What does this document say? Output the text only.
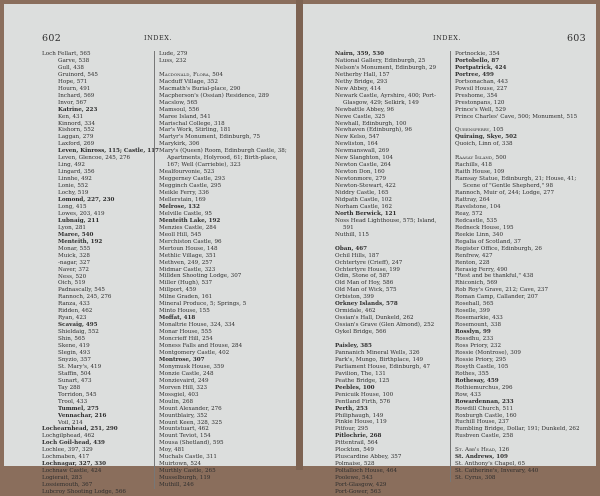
602	INDEX.
Loch Fellart, 565
Garve, 538
Gull, 438
Gruinord, 545
Hope, 571
Hourn, 491
Inchard, 569
Invor, 567
Katrine, 223
Ken, 431
Kinnord, 334
Kishorn, 552
Laggan, 279
Laxford, 269
Leven, Kinross, 115; Castle, 117
Leven, Glencoe, 245, 276
Ling, 492
Lingard, 356
Linnhe, 492
Lonie, 552
Lochy, 519
Lomond, 227, 230
Long, 415
Lowes, 203, 419
Lubnaig, 211
Lyon, 281
Maree, 540
Menteith, 192
Monar, 555
Muick, 328
-nagar, 327
Naver, 372
Ness, 520
Oich, 519
Padnascally, 545
Rannoch, 245, 276
Ranza, 433
Ridden, 462
Ryan, 423
Scavaig, 495
Shieldaig, 552
Shin, 565
Skene, 419
Slegin, 493
Snyzio, 357
St. Mary's, 419
Staffin, 504
Sunart, 473
Tay 288
Torridon, 545
Trool, 433
Tummel, 275
Vennachar, 216
Voil, 214
Lochearnhead, 251, 290
Lochgilphead, 462
Loch Goil-head, 439
Lochlee, 397, 329
Lochmaben, 417
Lochnagar, 327, 330
Lochnaw Castle, 424
Logierait, 283
Lossiemouth, 367
Lubcroy Shooting Lodge, 566
Lude, 279
Luss, 232
Macdonald, Flora, 504
Macduff Village, 352
Macmath's Burial-place, 290
Macpherson's (Ossian) Residence, 289
Macslow, 565
Mamsoul, 556
Maree Island, 541
Marischal College, 318
Mar's Work, Stirling, 181
Martyr's Monument, Edinburgh, 75
Marykirk, 306
Mary's (Queen) Room, Edinburgh Castle, 38; Apartments, Holyrood, 61; Birth-place, 167; Well (Carriebie), 323
Mealfourvonie, 523
Meggerney Castle, 293
Megginch Castle, 295
Meikle Ferry, 336
Mellerstain, 169
Melrose, 132
Melville Castle, 95
Menteith Lake, 192
Menzies Castle, 284
Meoll Hill, 545
Merchiston Castle, 96
Mertoun House, 148
Methlic Village, 351
Methven, 249, 257
Midmar Castle, 323
Millden Shooting Lodge, 307
Miller (Hugh), 537
Millport, 459
Milne Graden, 161
Mineral Produce, 5; Springs, 5
Minto House, 155
Moffat, 418
Monaltrie House, 324, 334
Monar House, 555
Moncrieff Hill, 254
Moness Falls and House, 284
Montgomery Castle, 402
Montrose, 307
Monymusk House, 359
Monzie Castle, 248
Monzievaird, 249
Morven Hill, 323
Mossgiel, 403
Moulin, 268
Mount Alexander, 276
Mountblairy, 352
Mount Keen, 328, 325
Mountstuart, 462
Mount Teviot, 154
Mousa (Shetland), 595
Moy, 481
Muchals Castle, 311
Muirtown, 524
Murthly Castle, 265
Musselburgh, 119
Muthill, 246
INDEX.	603
Nairn, 359, 530
National Gallery, Edinburgh, 25
Nelson's Monument, Edinburgh, 29
Netherby Hall, 157
Nethy Bridge, 293
New Abbey, 414
Newark Castle, Ayrshire, 400; Port-Glasgow, 429; Selkirk, 149
Newbattle Abbey, 96
Newe Castle, 325
Newhall, Edinburgh, 100
Newhaven (Edinburgh), 96
New Kelso, 547
Newliston, 164
Newmanswall, 269
New Slanghton, 104
Newton Castle, 264
Newton Don, 160
Newtonmore, 279
Newton-Stewart, 422
Niddry Castle, 165
Nidpath Castle, 102
Norham Castle, 162
North Berwick, 121
Noss Head Lighthouse, 575; Island, 591
Nuthill, 115
Oban, 467
Ochil Hills, 187
Ochtertyre (Crieff), 247
Ochtertyre House, 199
Odin, Stone of, 587
Old Man of Hoy, 586
Old Man of Wick, 575
Orbiston, 399
Orkney Islands, 578
Ormidale, 462
Ossian's Hall, Dunkeld, 262
Ossian's Grave (Glen Almond), 252
Oykel Bridge, 566
Paisley, 385
Pannanich Mineral Wells, 326
Park's, Mungo, Birthplace, 149
Parliament House, Edinburgh, 47
Pavilion, The, 131
Peathe Bridge, 125
Peebles, 100
Penicuik House, 100
Pentland Firth, 576
Perth, 253
Philiphaugh, 149
Pinkie House, 119
Pitfour, 295
Pitlochrie, 268
Pittentrail, 564
Plockton, 549
Pluscardine Abbey, 357
Polmaise, 528
Poltalloch House, 464
Poolewe, 543
Port-Glasgow, 429
Port-Gower, 563
Portnockie, 354
Portobello, 87
Portpatrick, 424
Portree, 499
Portsonachan, 443
Powsil House, 227
Preshome, 354
Prestonpans, 120
Prince's Well, 529
Prince Charles' Cave, 500; Monument, 515
Queensferry, 105
Quiraing, Skye, 502
Quoich, Linn of, 338
Raasay Island, 500
Rachills, 418
Raith House, 109
Ramsay Statue, Edinburgh, 21; House, 41; Scene of "Gentle Shepherd," 98
Rannoch, Muir of, 244; Lodge, 277
Rattray, 264
Ravelstone, 104
Reay, 572
Redcastle, 535
Redneck House, 195
Reekie Linn, 340
Regalia of Scotland, 37
Register Office, Edinburgh, 26
Renfrew, 427
Renton, 228
Rerasig Ferry, 490
"Rest and be thankful," 438
Rhiconich, 569
Rob Roy's Grave, 212; Cave, 237
Roman Camp, Callander, 207
Rosehall, 565
Roselle, 399
Rosemarkie, 433
Rosemount, 338
Rosslyn, 99
Rossdhu, 233
Ross Priory, 232
Rossie (Montrose), 309
Rossie Priory, 295
Rosyth Castle, 105
Rothes, 355
Rothesay, 459
Rothiemurchus, 296
Row, 433
Rowardennan, 233
Rowdill Church, 511
Roxburgh Castle, 160
Ruchill House, 237
Rumbling Bridge, Dollar, 191; Dunkeld, 262
Rusbven Castle, 258
St. Abb's Head, 126
St. Andrews, 109
St. Anthony's Chapel, 65
St. Catherine's, Inverary, 440
St. Cyrus, 308
